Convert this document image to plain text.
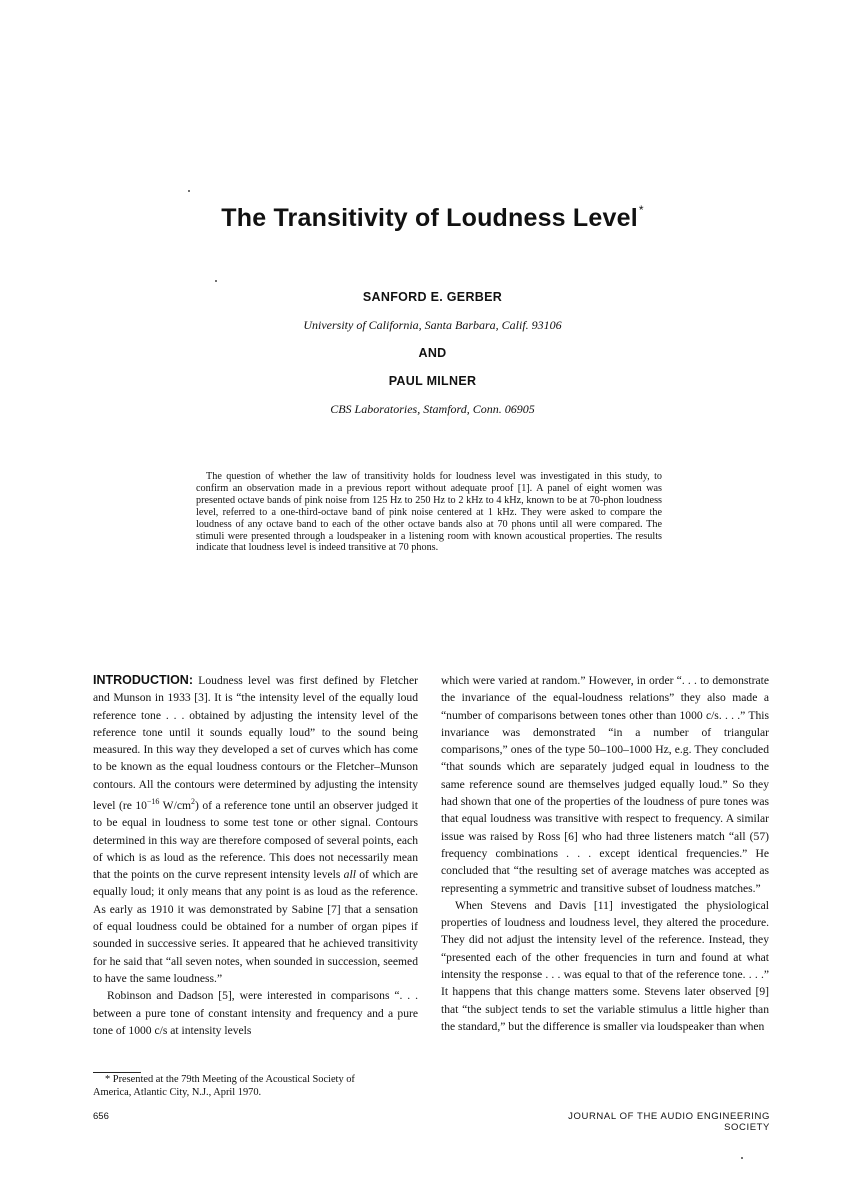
The Transitivity of Loudness Level*
SANFORD E. GERBER
University of California, Santa Barbara, Calif. 93106
AND
PAUL MILNER
CBS Laboratories, Stamford, Conn. 06905

The question of whether the law of transitivity holds for loudness level was investigated in this study, to confirm an observation made in a previous report without adequate proof [1]. A panel of eight women was presented octave bands of pink noise from 125 Hz to 250 Hz to 2 kHz to 4 kHz, known to be at 70-phon loudness level, referred to a one-third-octave band of pink noise centered at 1 kHz. They were asked to compare the loudness of any octave band to each of the other octave bands also at 70 phons until all were compared. The stimuli were presented through a loudspeaker in a listening room with known acoustical properties. The results indicate that loudness level is indeed transitive at 70 phons.

INTRODUCTION: Loudness level was first defined by Fletcher and Munson in 1933 [3]. It is “the intensity level of the equally loud reference tone . . . obtained by adjusting the intensity level of the reference tone until it sounds equally loud” to the sound being measured. In this way they developed a set of curves which has come to be known as the equal loudness contours or the Fletcher–Munson contours. All the contours were determined by adjusting the intensity level (re $10^{-16}$ $W/cm^2$) of a reference tone until an observer judged it to be equal in loudness to some test tone or other signal. Contours determined in this way are therefore composed of several points, each of which is as loud as the reference. This does not necessarily mean that the points on the curve represent intensity levels all of which are equally loud; it only means that any point is as loud as the reference. As early as 1910 it was demonstrated by Sabine [7] that a sensation of equal loudness could be obtained for a number of organ pipes if sounded in successive series. It appeared that he achieved transitivity for he said that “all seven notes, when sounded in succession, seemed to have the same loudness.”

Robinson and Dadson [5], were interested in comparisons “. . . between a pure tone of constant intensity and frequency and a pure tone of 1000 c/s at intensity levels

which were varied at random.” However, in order “. . . to demonstrate the invariance of the equal-loudness relations” they also made a “number of comparisons between tones other than 1000 c/s. . . .” This invariance was demonstrated “in a number of triangular comparisons,” ones of the type 50–100–1000 Hz, e.g. They concluded “that sounds which are separately judged equal in loudness to the same reference sound are themselves judged equally loud.” So they had shown that one of the properties of the loudness of pure tones was that equal loudness was transitive with respect to frequency. A similar issue was raised by Ross [6] who had three listeners match “all (57) frequency combinations . . . except identical frequencies.” He concluded that “the resulting set of average matches was accepted as representing a symmetric and transitive subset of loudness matches.”

When Stevens and Davis [11] investigated the physiological properties of loudness and loudness level, they altered the procedure. They did not adjust the intensity level of the reference. Instead, they “presented each of the other frequencies in turn and found at what intensity the response . . . was equal to that of the reference tone. . . .” It happens that this change matters some. Stevens later observed [9] that “the subject tends to set the variable stimulus a little higher than the standard,” but the difference is smaller via loudspeaker than when

* Presented at the 79th Meeting of the Acoustical Society of America, Atlantic City, N.J., April 1970.

656	JOURNAL OF THE AUDIO ENGINEERING SOCIETY
